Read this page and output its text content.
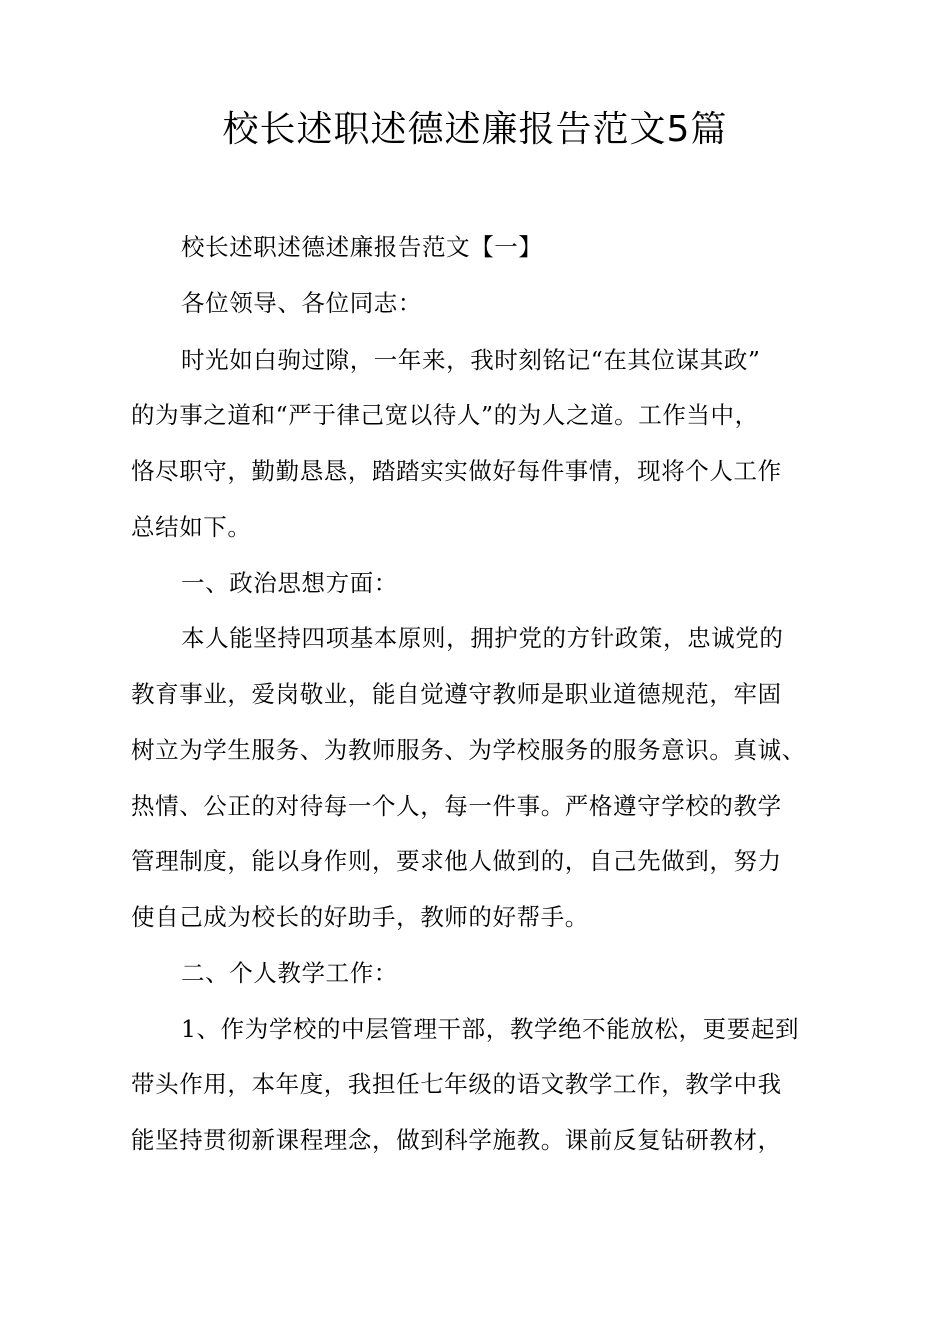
校长述职述德述廉报告范文5篇
校长述职述德述廉报告范文【一】
各位领导、各位同志：
时光如白驹过隙，一年来，我时刻铭记“在其位谋其政”
的为事之道和“严于律己宽以待人”的为人之道。工作当中，
恪尽职守，勤勤恳恳，踏踏实实做好每件事情，现将个人工作
总结如下。
一、政治思想方面：
本人能坚持四项基本原则，拥护党的方针政策，忠诚党的
教育事业，爱岗敬业，能自觉遵守教师是职业道德规范，牢固
树立为学生服务、为教师服务、为学校服务的服务意识。真诚、
热情、公正的对待每一个人，每一件事。严格遵守学校的教学
管理制度，能以身作则，要求他人做到的，自己先做到，努力
使自己成为校长的好助手，教师的好帮手。
二、个人教学工作：
1、作为学校的中层管理干部，教学绝不能放松，更要起到
带头作用，本年度，我担任七年级的语文教学工作，教学中我
能坚持贯彻新课程理念，做到科学施教。课前反复钻研教材，
